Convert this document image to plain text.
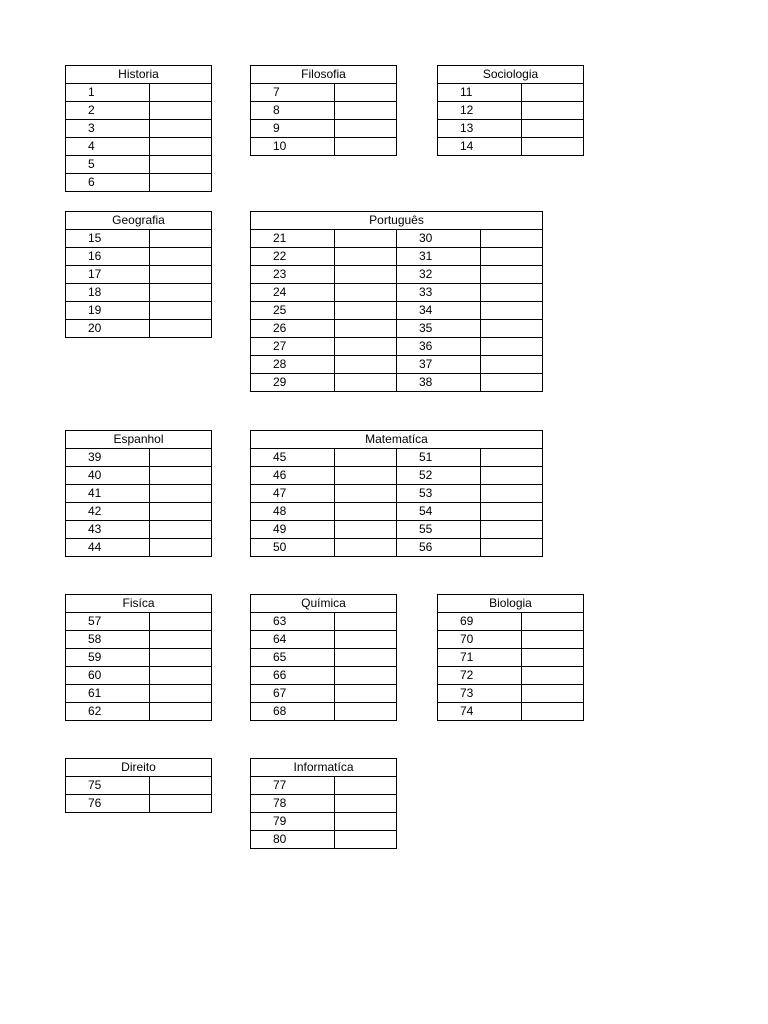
Historia	
1	
2	
3	
4	
5	
6	
Filosofia	
7	
8	
9	
10	
Sociologia	
11	
12	
13	
14	
Geografia	
15	
16	
17	
18	
19	
20	
Português			
21		30	
22		31	
23		32	
24		33	
25		34	
26		35	
27		36	
28		37	
29		38	
Espanhol	
39	
40	
41	
42	
43	
44	
Matematíca			
45		51	
46		52	
47		53	
48		54	
49		55	
50		56	
Fisíca	
57	
58	
59	
60	
61	
62	
Química	
63	
64	
65	
66	
67	
68	
Biologia	
69	
70	
71	
72	
73	
74	
Direito	
75	
76	
Informatíca	
77	
78	
79	
80	
